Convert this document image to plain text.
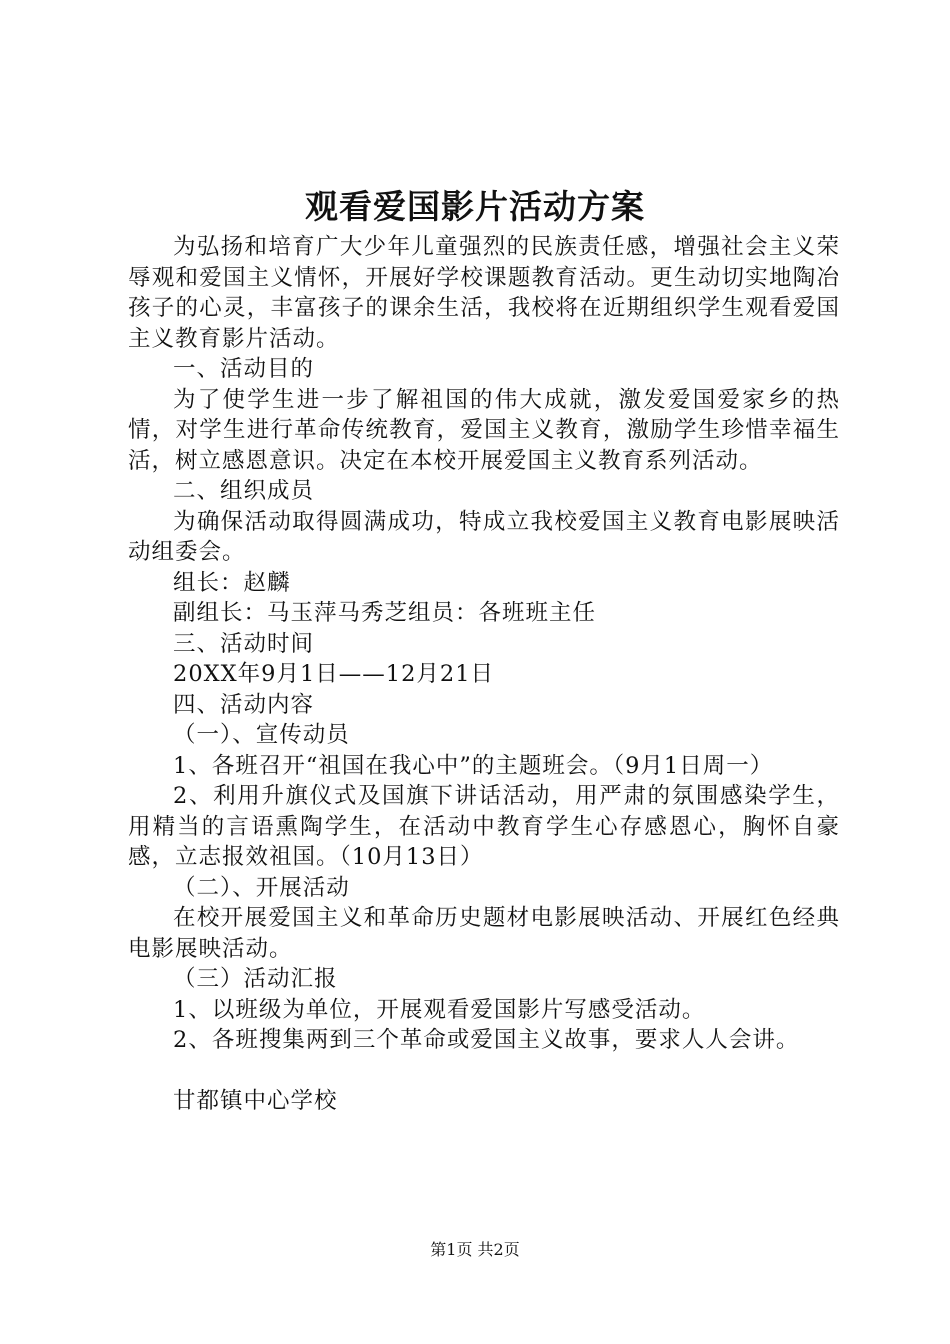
观看爱国影片活动方案

为弘扬和培育广大少年儿童强烈的民族责任感，增强社会主义荣辱观和爱国主义情怀，开展好学校课题教育活动。更生动切实地陶冶孩子的心灵，丰富孩子的课余生活，我校将在近期组织学生观看爱国主义教育影片活动。

一、活动目的

为了使学生进一步了解祖国的伟大成就，激发爱国爱家乡的热情，对学生进行革命传统教育，爱国主义教育，激励学生珍惜幸福生活，树立感恩意识。决定在本校开展爱国主义教育系列活动。

二、组织成员

为确保活动取得圆满成功，特成立我校爱国主义教育电影展映活动组委会。

组长：赵麟

副组长：马玉萍马秀芝组员：各班班主任

三、活动时间

20XX年9月1日——12月21日

四、活动内容

（一）、宣传动员

1、各班召开“祖国在我心中”的主题班会。（9月1日周一）

2、利用升旗仪式及国旗下讲话活动，用严肃的氛围感染学生，用精当的言语熏陶学生，在活动中教育学生心存感恩心，胸怀自豪感，立志报效祖国。（10月13日）

（二）、开展活动

在校开展爱国主义和革命历史题材电影展映活动、开展红色经典电影展映活动。

（三）活动汇报

1、以班级为单位，开展观看爱国影片写感受活动。

2、各班搜集两到三个革命或爱国主义故事，要求人人会讲。

甘都镇中心学校

第1页 共2页
